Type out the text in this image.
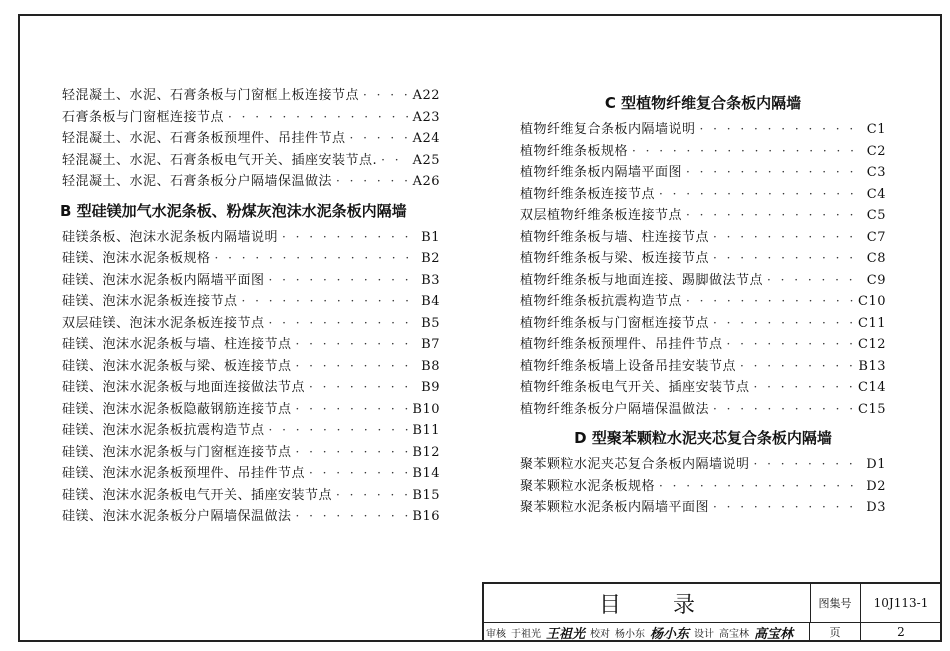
轻混凝土、水泥、石膏条板与门窗框上板连接节点 · · ·	A22
石膏条板与门窗框连接节点 · · ·	A23
轻混凝土、水泥、石膏条板预埋件、吊挂件节点 · · ·	A24
轻混凝土、水泥、石膏条板电气开关、插座安装节点. · · ·	A25
轻混凝土、水泥、石膏条板分户隔墙保温做法 · · ·	A26
B 型硅镁加气水泥条板、粉煤灰泡沫水泥条板内隔墙
硅镁条板、泡沫水泥条板内隔墙说明 · · ·	B1
硅镁、泡沫水泥条板规格 · · ·	B2
硅镁、泡沫水泥条板内隔墙平面图 · · ·	B3
硅镁、泡沫水泥条板连接节点 · · ·	B4
双层硅镁、泡沫水泥条板连接节点 · · ·	B5
硅镁、泡沫水泥条板与墙、柱连接节点 · · ·	B7
硅镁、泡沫水泥条板与梁、板连接节点 · · ·	B8
硅镁、泡沫水泥条板与地面连接做法节点 · · ·	B9
硅镁、泡沫水泥条板隐蔽钢筋连接节点 · · ·	B10
硅镁、泡沫水泥条板抗震构造节点 · · ·	B11
硅镁、泡沫水泥条板与门窗框连接节点 · · ·	B12
硅镁、泡沫水泥条板预埋件、吊挂件节点 · · ·	B14
硅镁、泡沫水泥条板电气开关、插座安装节点 · · ·	B15
硅镁、泡沫水泥条板分户隔墙保温做法 · · ·	B16
C 型植物纤维复合条板内隔墙
植物纤维复合条板内隔墙说明 · · ·	C1
植物纤维条板规格 · · ·	C2
植物纤维条板内隔墙平面图 · · ·	C3
植物纤维条板连接节点 · · ·	C4
双层植物纤维条板连接节点 · · ·	C5
植物纤维条板与墙、柱连接节点 · · ·	C7
植物纤维条板与梁、板连接节点 · · ·	C8
植物纤维条板与地面连接、踢脚做法节点 · · ·	C9
植物纤维条板抗震构造节点 · · ·	C10
植物纤维条板与门窗框连接节点 · · ·	C11
植物纤维条板预埋件、吊挂件节点 · · ·	C12
植物纤维条板墙上设备吊挂安装节点 · · ·	B13
植物纤维条板电气开关、插座安装节点 · · ·	C14
植物纤维条板分户隔墙保温做法 · · ·	C15
D 型聚苯颗粒水泥夹芯复合条板内隔墙
聚苯颗粒水泥夹芯复合条板内隔墙说明 · · ·	D1
聚苯颗粒水泥条板规格 · · ·	D2
聚苯颗粒水泥条板内隔墙平面图 · · ·	D3
目录	图集号	10J113-1
审核 于祖光 王祖光 校对 杨小东 杨小东 设计 高宝林 高宝林	页	2
